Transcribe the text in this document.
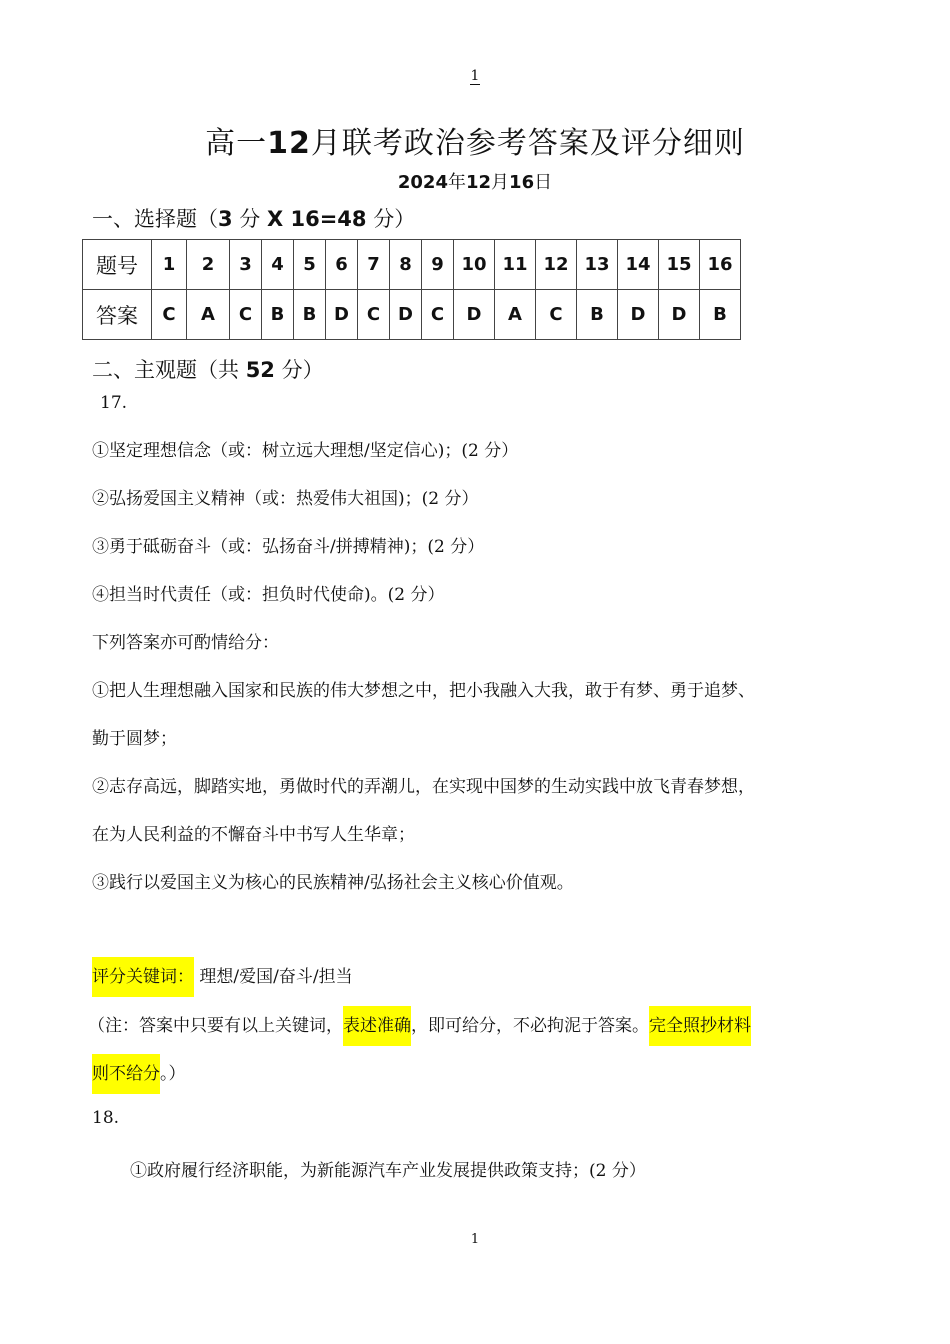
1
高一12月联考政治参考答案及评分细则
2024年12月16日
一、选择题（3 分 X 16=48 分）
题号	1	2	3	4	5	6	7	8	9	10	11	12	13	14	15	16
答案	C	A	C	B	B	D	C	D	C	D	A	C	B	D	D	B
二、主观题（共 52 分）
17.
①坚定理想信念（或：树立远大理想/坚定信心)；(2 分）
②弘扬爱国主义精神（或：热爱伟大祖国)；(2 分）
③勇于砥砺奋斗（或：弘扬奋斗/拼搏精神)；(2 分）
④担当时代责任（或：担负时代使命)。(2 分）
下列答案亦可酌情给分：
①把人生理想融入国家和民族的伟大梦想之中，把小我融入大我，敢于有梦、勇于追梦、
勤于圆梦；
②志存高远，脚踏实地，勇做时代的弄潮儿，在实现中国梦的生动实践中放飞青春梦想，
在为人民利益的不懈奋斗中书写人生华章；
③践行以爱国主义为核心的民族精神/弘扬社会主义核心价值观。
评分关键词： 理想/爱国/奋斗/担当
（注：答案中只要有以上关键词，表述准确，即可给分，不必拘泥于答案。完全照抄材料
则不给分。）
18.
①政府履行经济职能，为新能源汽车产业发展提供政策支持；(2 分）
1
